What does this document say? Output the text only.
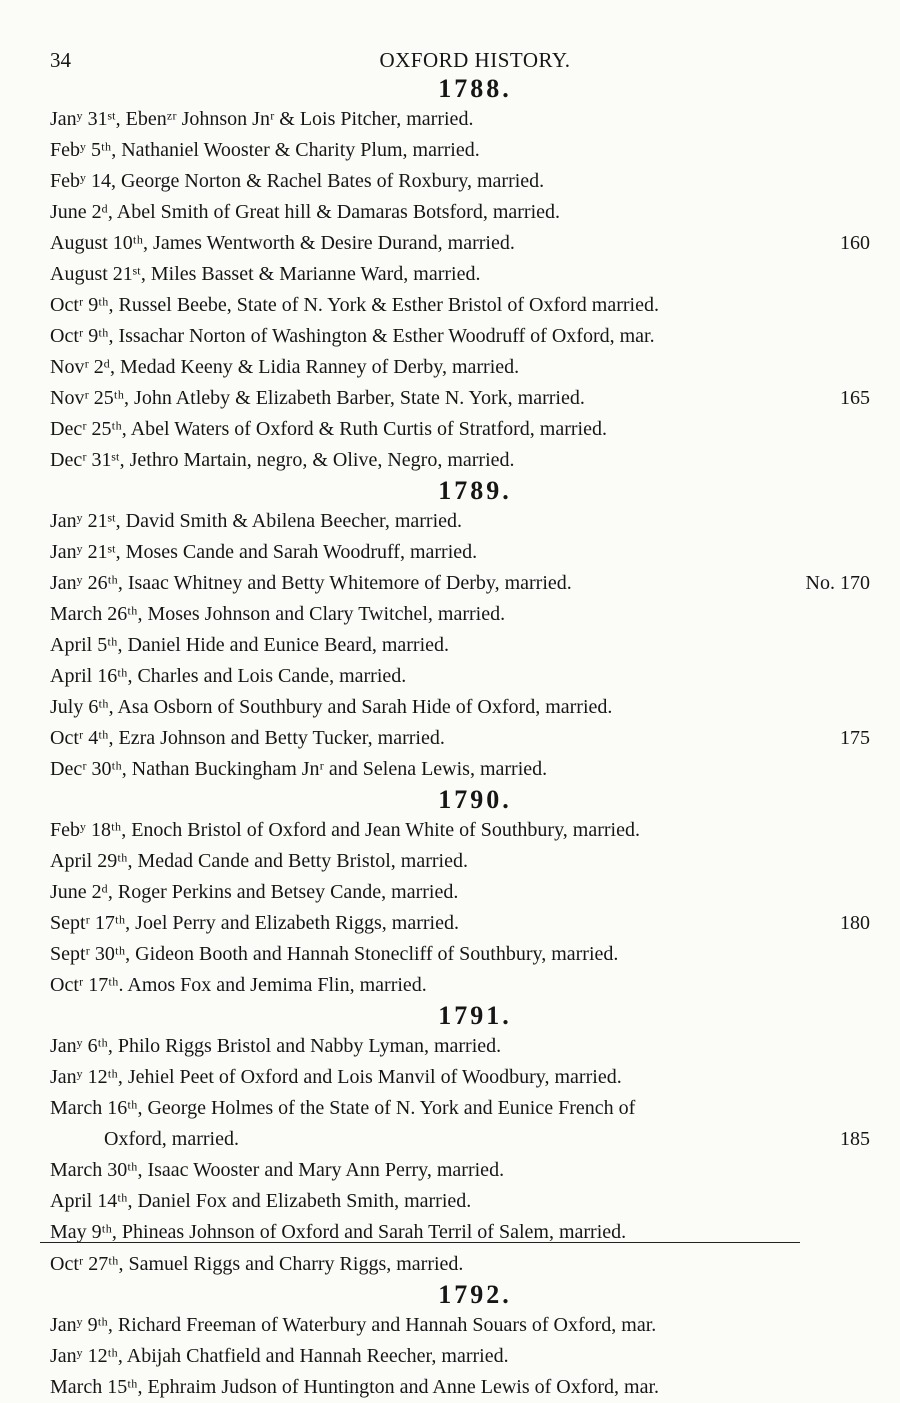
34	OXFORD HISTORY.
1788.
Janʸ 31ˢᵗ, Ebenᶻʳ Johnson Jnʳ & Lois Pitcher, married.
Febʸ 5ᵗʰ, Nathaniel Wooster & Charity Plum, married.
Febʸ 14, George Norton & Rachel Bates of Roxbury, married.
June 2ᵈ, Abel Smith of Great hill & Damaras Botsford, married.
August 10ᵗʰ, James Wentworth & Desire Durand, married.	160
August 21ˢᵗ, Miles Basset & Marianne Ward, married.
Octʳ 9ᵗʰ, Russel Beebe, State of N. York & Esther Bristol of Oxford married.
Octʳ 9ᵗʰ, Issachar Norton of Washington & Esther Woodruff of Oxford, mar.
Novʳ 2ᵈ, Medad Keeny & Lidia Ranney of Derby, married.
Novʳ 25ᵗʰ, John Atleby & Elizabeth Barber, State N. York, married.	165
Decʳ 25ᵗʰ, Abel Waters of Oxford & Ruth Curtis of Stratford, married.
Decʳ 31ˢᵗ, Jethro Martain, negro, & Olive, Negro, married.
1789.
Janʸ 21ˢᵗ, David Smith & Abilena Beecher, married.
Janʸ 21ˢᵗ, Moses Cande and Sarah Woodruff, married.
Janʸ 26ᵗʰ, Isaac Whitney and Betty Whitemore of Derby, married.	No. 170
March 26ᵗʰ, Moses Johnson and Clary Twitchel, married.
April 5ᵗʰ, Daniel Hide and Eunice Beard, married.
April 16ᵗʰ, Charles and Lois Cande, married.
July 6ᵗʰ, Asa Osborn of Southbury and Sarah Hide of Oxford, married.
Octʳ 4ᵗʰ, Ezra Johnson and Betty Tucker, married.	175
Decʳ 30ᵗʰ, Nathan Buckingham Jnʳ and Selena Lewis, married.
1790.
Febʸ 18ᵗʰ, Enoch Bristol of Oxford and Jean White of Southbury, married.
April 29ᵗʰ, Medad Cande and Betty Bristol, married.
June 2ᵈ, Roger Perkins and Betsey Cande, married.
Septʳ 17ᵗʰ, Joel Perry and Elizabeth Riggs, married.	180
Septʳ 30ᵗʰ, Gideon Booth and Hannah Stonecliff of Southbury, married.
Octʳ 17ᵗʰ. Amos Fox and Jemima Flin, married.
1791.
Janʸ 6ᵗʰ, Philo Riggs Bristol and Nabby Lyman, married.
Janʸ 12ᵗʰ, Jehiel Peet of Oxford and Lois Manvil of Woodbury, married.
March 16ᵗʰ, George Holmes of the State of N. York and Eunice French of
Oxford, married.	185
March 30ᵗʰ, Isaac Wooster and Mary Ann Perry, married.
April 14ᵗʰ, Daniel Fox and Elizabeth Smith, married.
May 9ᵗʰ, Phineas Johnson of Oxford and Sarah Terril of Salem, married.
Octʳ 27ᵗʰ, Samuel Riggs and Charry Riggs, married.
1792.
Janʸ 9ᵗʰ, Richard Freeman of Waterbury and Hannah Souars of Oxford, mar.
Janʸ 12ᵗʰ, Abijah Chatfield and Hannah Reecher, married.
March 15ᵗʰ, Ephraim Judson of Huntington and Anne Lewis of Oxford, mar.
